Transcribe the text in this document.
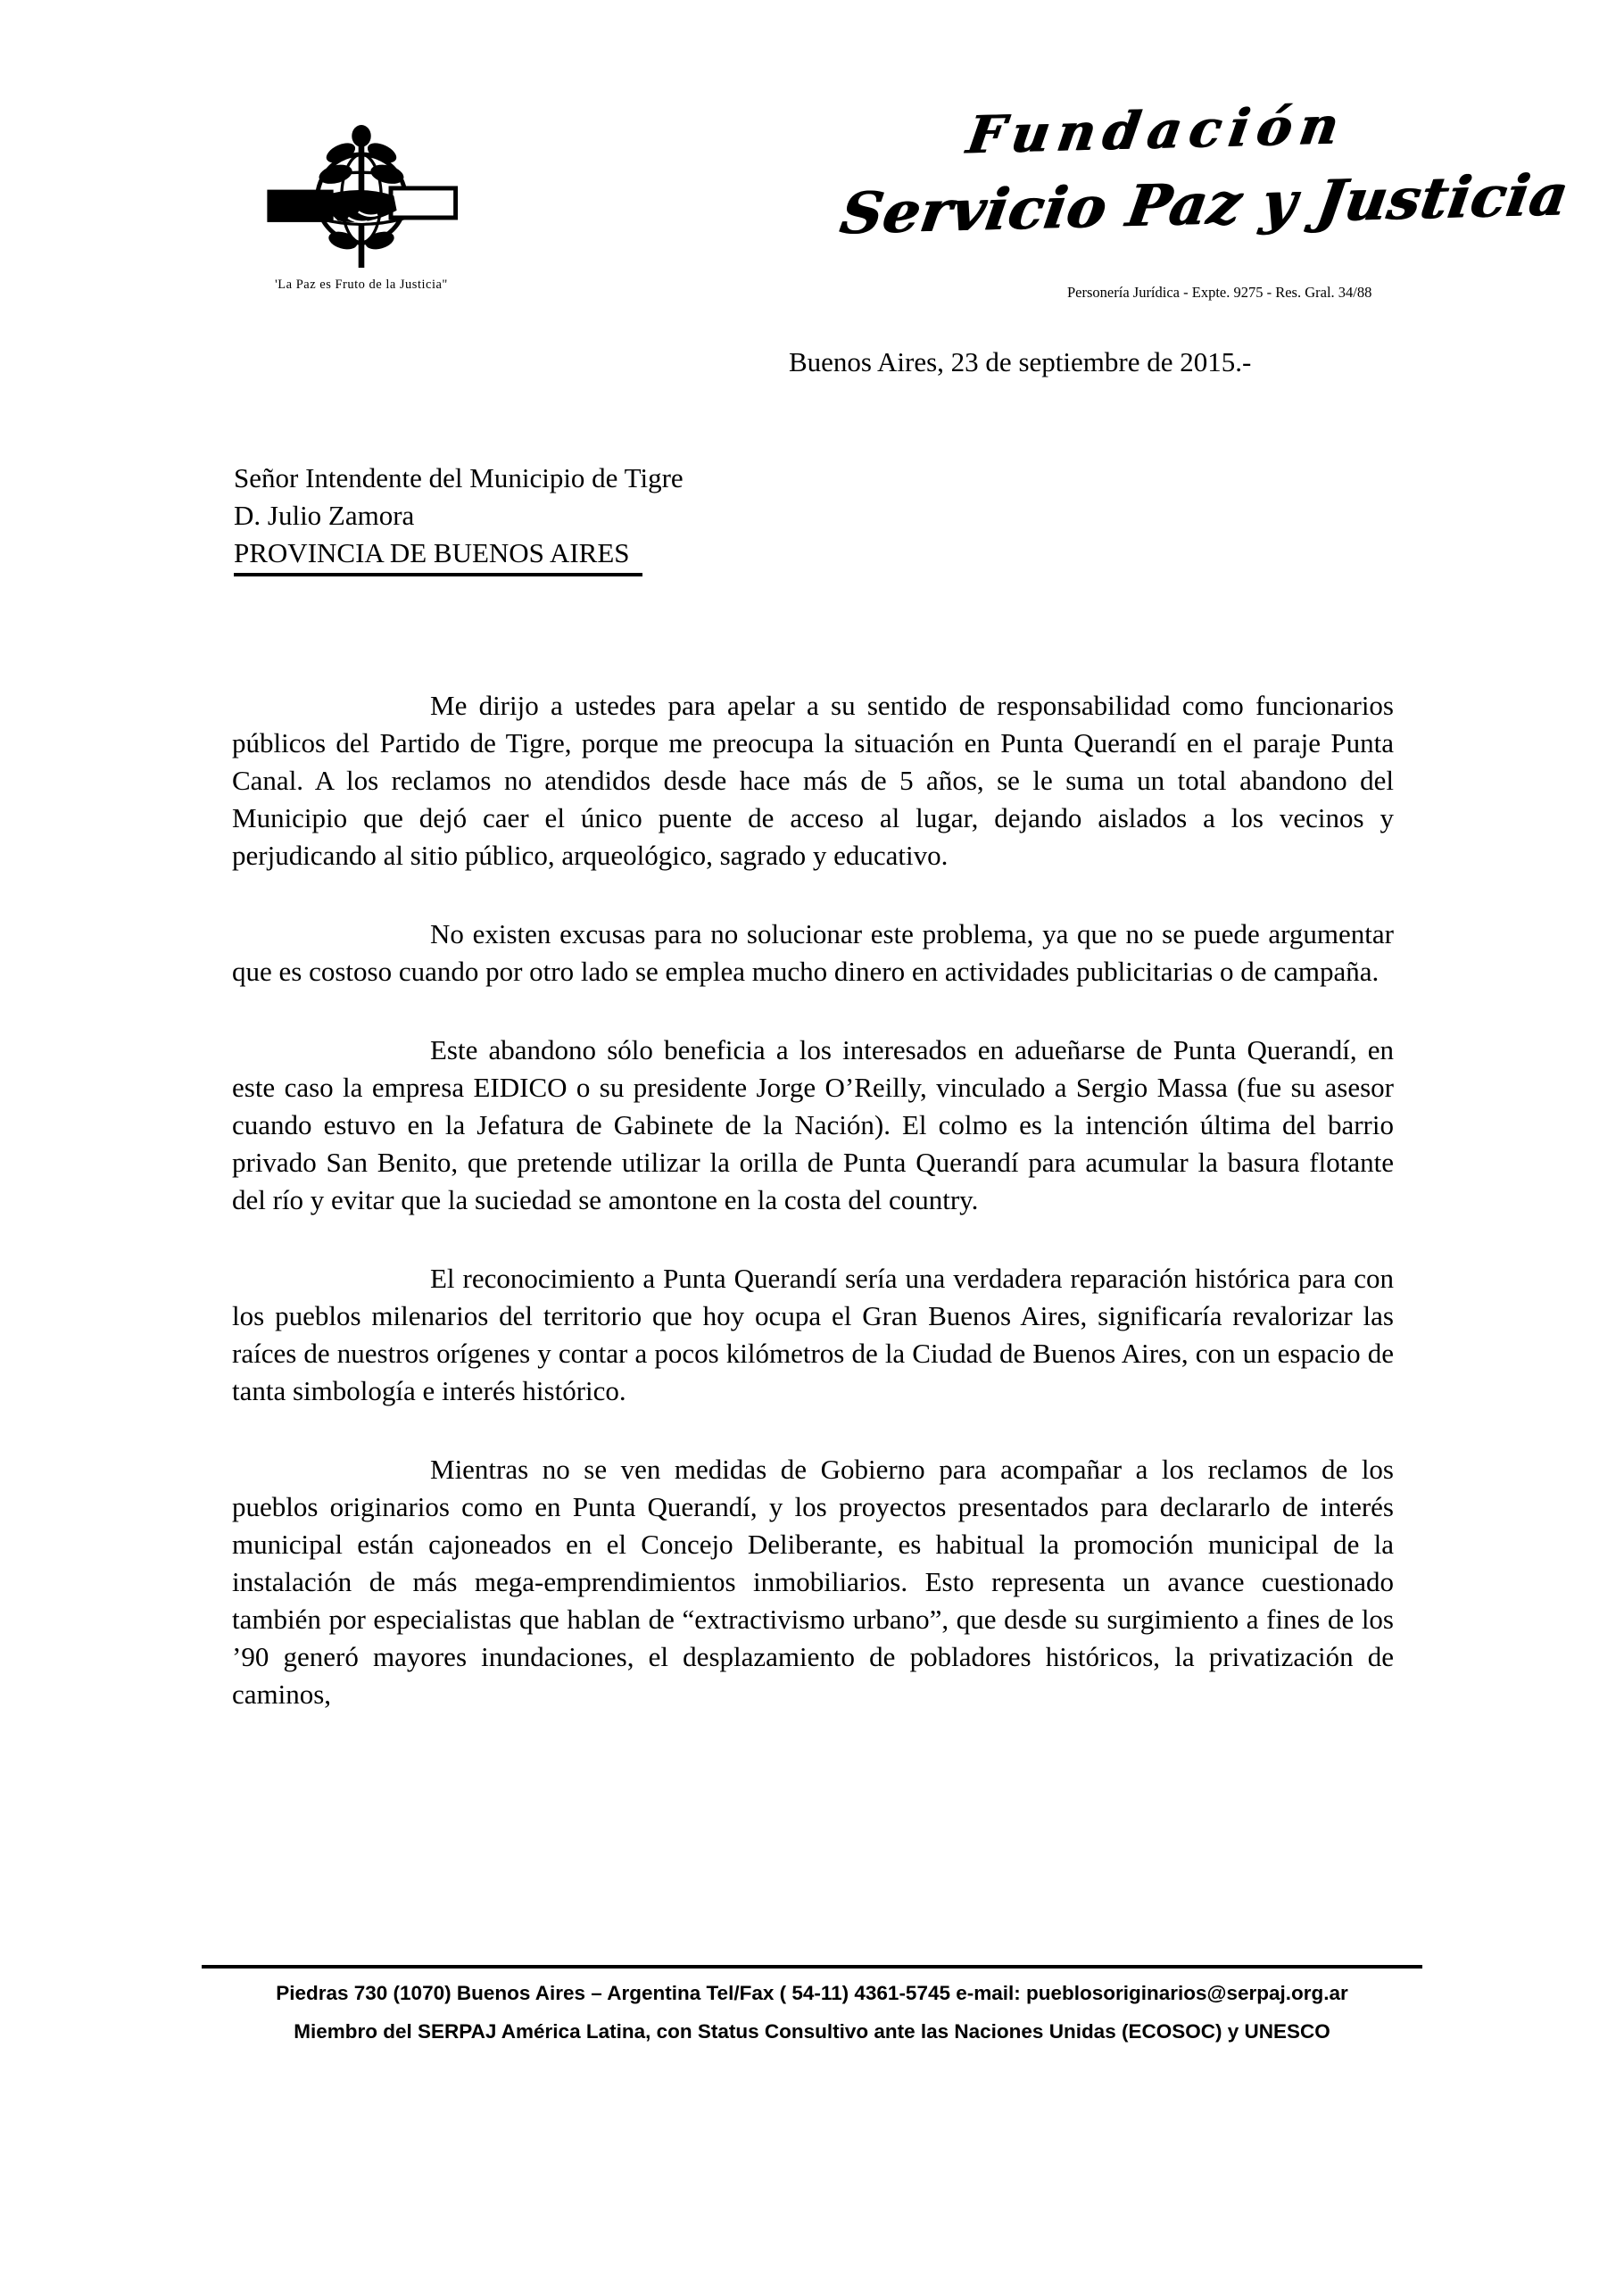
'La Paz es Fruto de la Justicia"
Fundación
Servicio Paz y Justicia
Personería Jurídica - Expte. 9275 - Res. Gral. 34/88
Buenos Aires, 23 de septiembre de 2015.-
Señor Intendente del Municipio de Tigre
D. Julio Zamora
PROVINCIA DE BUENOS AIRES

Me dirijo a ustedes para apelar a su sentido de responsabilidad como funcionarios públicos del Partido de Tigre, porque me preocupa la situación en Punta Querandí en el paraje Punta Canal. A los reclamos no atendidos desde hace más de 5 años, se le suma un total abandono del Municipio que dejó caer el único puente de acceso al lugar, dejando aislados a los vecinos y perjudicando al sitio público, arqueológico, sagrado y educativo.

No existen excusas para no solucionar este problema, ya que no se puede argumentar que es costoso cuando por otro lado se emplea mucho dinero en actividades publicitarias o de campaña.

Este abandono sólo beneficia a los interesados en adueñarse de Punta Querandí, en este caso la empresa EIDICO o su presidente Jorge O’Reilly, vinculado a Sergio Massa (fue su asesor cuando estuvo en la Jefatura de Gabinete de la Nación). El colmo es la intención última del barrio privado San Benito, que pretende utilizar la orilla de Punta Querandí para acumular la basura flotante del río y evitar que la suciedad se amontone en la costa del country.

El reconocimiento a Punta Querandí sería una verdadera reparación histórica para con los pueblos milenarios del territorio que hoy ocupa el Gran Buenos Aires, significaría revalorizar las raíces de nuestros orígenes y contar a pocos kilómetros de la Ciudad de Buenos Aires, con un espacio de tanta simbología e interés histórico.

Mientras no se ven medidas de Gobierno para acompañar a los reclamos de los pueblos originarios como en Punta Querandí, y los proyectos presentados para declararlo de interés municipal están cajoneados en el Concejo Deliberante, es habitual la promoción municipal de la instalación de más mega-emprendimientos inmobiliarios. Esto representa un avance cuestionado también por especialistas que hablan de “extractivismo urbano”, que desde su surgimiento a fines de los ’90 generó mayores inundaciones, el desplazamiento de pobladores históricos, la privatización de caminos,

Piedras 730 (1070) Buenos Aires – Argentina Tel/Fax ( 54-11) 4361-5745 e-mail: pueblosoriginarios@serpaj.org.ar
Miembro del SERPAJ América Latina, con Status Consultivo ante las Naciones Unidas (ECOSOC) y UNESCO
